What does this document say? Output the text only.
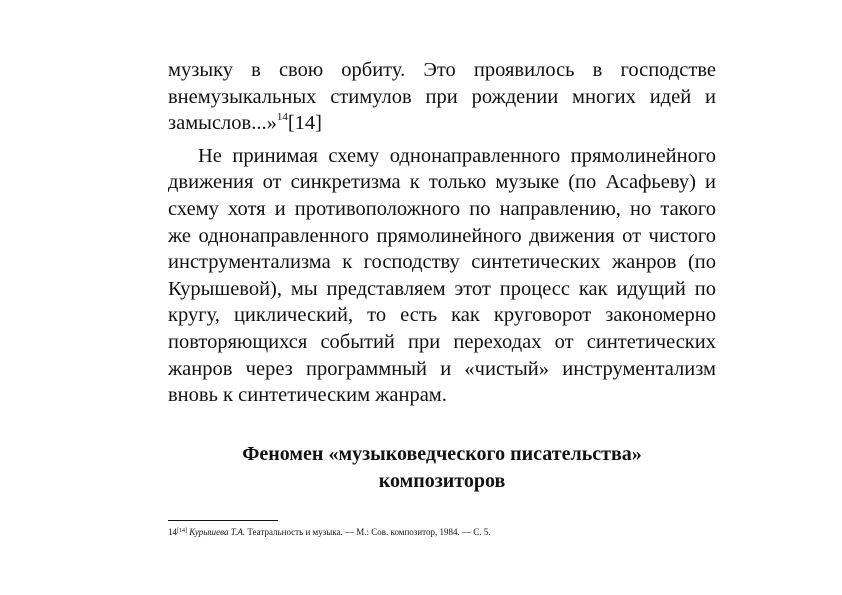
музыку в свою орбиту. Это проявилось в господстве внемузыкальных стимулов при рождении многих идей и замыслов...»$^{14}$[14]

Не принимая схему однонаправленного прямолинейного движения от синкретизма к только музыке (по Асафьеву) и схему хотя и противоположного по направлению, но такого же однонаправленного прямолинейного движения от чистого инструментализма к господству синтетических жанров (по Курышевой), мы представляем этот процесс как идущий по кругу, циклический, то есть как круговорот закономерно повторяющихся событий при переходах от синтетических жанров через программный и «чистый» инструментализм вновь к синтетическим жанрам.

Феномен «музыковедческого писательства»
композиторов
14[14] Курышева Т.А. Театральность и музыка. — М.: Сов. композитор, 1984. — С. 5.
